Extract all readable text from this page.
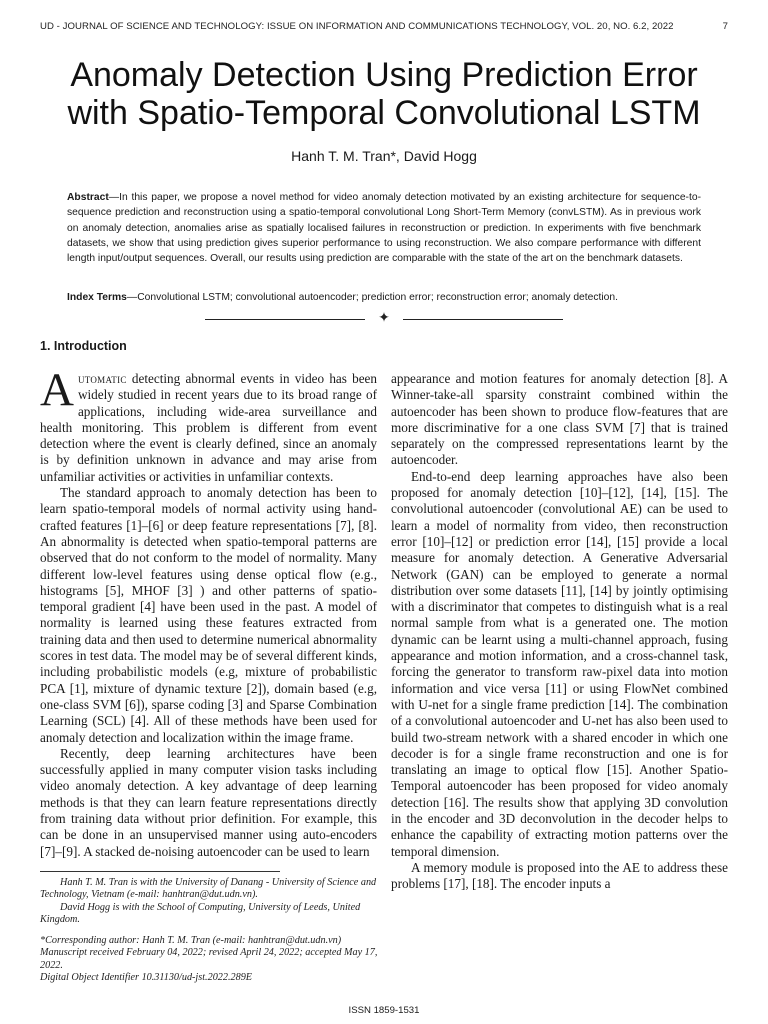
UD - JOURNAL OF SCIENCE AND TECHNOLOGY: ISSUE ON INFORMATION AND COMMUNICATIONS TECHNOLOGY, VOL. 20, NO. 6.2, 2022	7
Anomaly Detection Using Prediction Error
with Spatio-Temporal Convolutional LSTM
Hanh T. M. Tran*, David Hogg
Abstract—In this paper, we propose a novel method for video anomaly detection motivated by an existing architecture for sequence-to-sequence prediction and reconstruction using a spatio-temporal convolutional Long Short-Term Memory (convLSTM). As in previous work on anomaly detection, anomalies arise as spatially localised failures in reconstruction or prediction. In experiments with five benchmark datasets, we show that using prediction gives superior performance to using reconstruction. We also compare performance with different length input/output sequences. Overall, our results using prediction are comparable with the state of the art on the benchmark datasets.
Index Terms—Convolutional LSTM; convolutional autoencoder; prediction error; reconstruction error; anomaly detection.
✦
1. Introduction

Automatic detecting abnormal events in video has been widely studied in recent years due to its broad range of applications, including wide-area surveillance and health monitoring. This problem is different from event detection where the event is clearly defined, since an anomaly is by definition unknown in advance and may arise from unfamiliar activities or activities in unfamiliar contexts.

The standard approach to anomaly detection has been to learn spatio-temporal models of normal activity using hand-crafted features [1]–[6] or deep feature representations [7], [8]. An abnormality is detected when spatio-temporal patterns are observed that do not conform to the model of normality. Many different low-level features using dense optical flow (e.g., histograms [5], MHOF [3] ) and other patterns of spatio-temporal gradient [4] have been used in the past. A model of normality is learned using these features extracted from training data and then used to determine numerical abnormality scores in test data. The model may be of several different kinds, including probabilistic models (e.g, mixture of probabilistic PCA [1], mixture of dynamic texture [2]), domain based (e.g, one-class SVM [6]), sparse coding [3] and Sparse Combination Learning (SCL) [4]. All of these methods have been used for anomaly detection and localization within the image frame.

Recently, deep learning architectures have been successfully applied in many computer vision tasks including video anomaly detection. A key advantage of deep learning methods is that they can learn feature representations directly from training data without prior definition. For example, this can be done in an unsupervised manner using auto-encoders [7]–[9]. A stacked de-noising autoencoder can be used to learn

appearance and motion features for anomaly detection [8]. A Winner-take-all sparsity constraint combined within the autoencoder has been shown to produce flow-features that are more discriminative for a one class SVM [7] that is trained separately on the compressed representations learnt by the autoencoder.

End-to-end deep learning approaches have also been proposed for anomaly detection [10]–[12], [14], [15]. The convolutional autoencoder (convolutional AE) can be used to learn a model of normality from video, then reconstruction error [10]–[12] or prediction error [14], [15] provide a local measure for anomaly detection. A Generative Adversarial Network (GAN) can be employed to generate a normal distribution over some datasets [11], [14] by jointly optimising with a discriminator that competes to distinguish what is a real normal sample from what is a generated one. The motion dynamic can be learnt using a multi-channel approach, fusing appearance and motion information, and a cross-channel task, forcing the generator to transform raw-pixel data into motion information and vice versa [11] or using FlowNet combined with U-net for a single frame prediction [14]. The combination of a convolutional autoencoder and U-net has also been used to build two-stream network with a shared encoder in which one decoder is for a single frame reconstruction and one is for translating an image to optical flow [15]. Another Spatio-Temporal autoencoder has been proposed for video anomaly detection [16]. The results show that applying 3D convolution in the encoder and 3D deconvolution in the decoder helps to enhance the capability of extracting motion patterns over the temporal dimension.

A memory module is proposed into the AE to address these problems [17], [18]. The encoder inputs a

Hanh T. M. Tran is with the University of Danang - University of Science and Technology, Vietnam (e-mail: hanhtran@dut.udn.vn).

David Hogg is with the School of Computing, University of Leeds, United Kingdom.

*Corresponding author: Hanh T. M. Tran (e-mail: hanhtran@dut.udn.vn)

Manuscript received February 04, 2022; revised April 24, 2022; accepted May 17, 2022.

Digital Object Identifier 10.31130/ud-jst.2022.289E

ISSN 1859-1531
